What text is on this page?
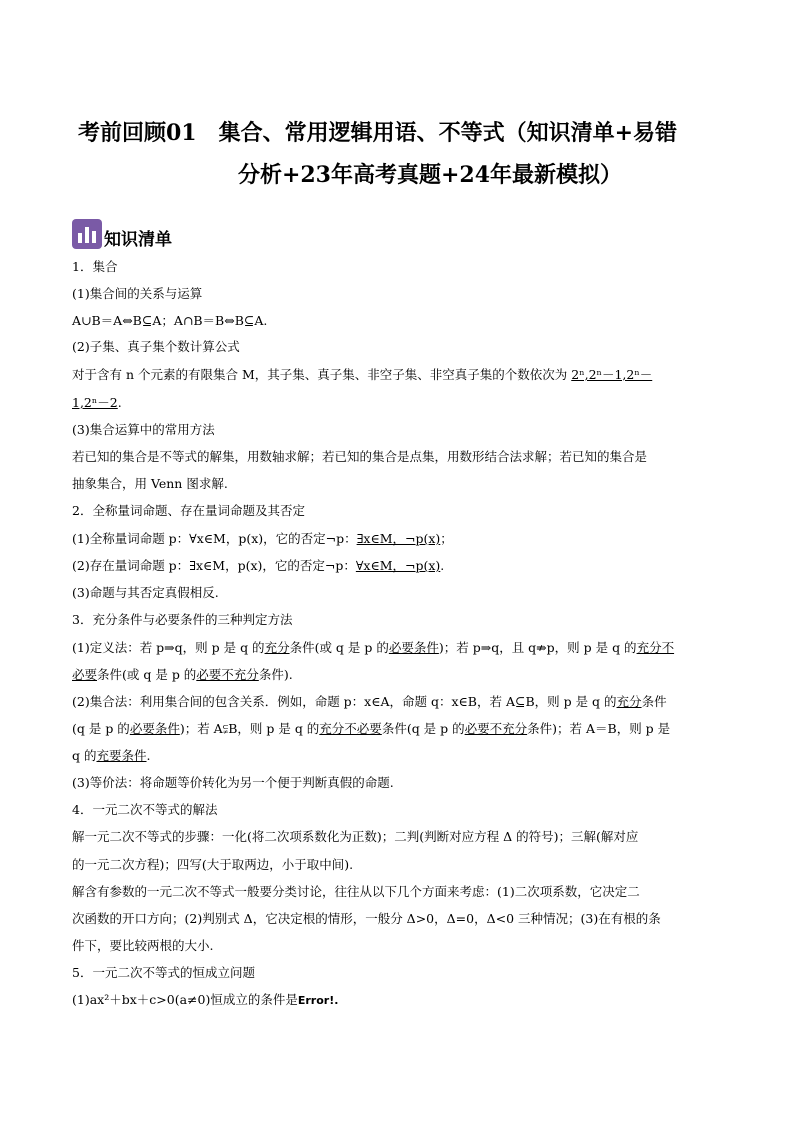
考前回顾01　集合、常用逻辑用语、不等式（知识清单+易错
分析+23年高考真题+24年最新模拟）
知识清单
1．集合
(1)集合间的关系与运算
A∪B＝A⇔B⊆A；A∩B＝B⇔B⊆A.
(2)子集、真子集个数计算公式
对于含有 n 个元素的有限集合 M，其子集、真子集、非空子集、非空真子集的个数依次为 2ⁿ,2ⁿ－1,2ⁿ－
1,2ⁿ－2.
(3)集合运算中的常用方法
若已知的集合是不等式的解集，用数轴求解；若已知的集合是点集，用数形结合法求解；若已知的集合是
抽象集合，用 Venn 图求解.
2．全称量词命题、存在量词命题及其否定
(1)全称量词命题 p：∀x∈M，p(x)，它的否定¬p：∃x∈M，¬p(x)；
(2)存在量词命题 p：∃x∈M，p(x)，它的否定¬p：∀x∈M，¬p(x).
(3)命题与其否定真假相反.
3．充分条件与必要条件的三种判定方法
(1)定义法：若 p⇒q，则 p 是 q 的充分条件(或 q 是 p 的必要条件)；若 p⇒q，且 q⇏p，则 p 是 q 的充分不
必要条件(或 q 是 p 的必要不充分条件).
(2)集合法：利用集合间的包含关系．例如，命题 p：x∈A，命题 q：x∈B，若 A⊆B，则 p 是 q 的充分条件
(q 是 p 的必要条件)；若 A⫋B，则 p 是 q 的充分不必要条件(q 是 p 的必要不充分条件)；若 A＝B，则 p 是
q 的充要条件.
(3)等价法：将命题等价转化为另一个便于判断真假的命题.
4．一元二次不等式的解法
解一元二次不等式的步骤：一化(将二次项系数化为正数)；二判(判断对应方程 Δ 的符号)；三解(解对应
的一元二次方程)；四写(大于取两边，小于取中间).
解含有参数的一元二次不等式一般要分类讨论，往往从以下几个方面来考虑：(1)二次项系数，它决定二
次函数的开口方向；(2)判别式 Δ，它决定根的情形，一般分 Δ>0，Δ=0，Δ<0 三种情况；(3)在有根的条
件下，要比较两根的大小.
5．一元二次不等式的恒成立问题
(1)ax²＋bx＋c>0(a≠0)恒成立的条件是Error!.
